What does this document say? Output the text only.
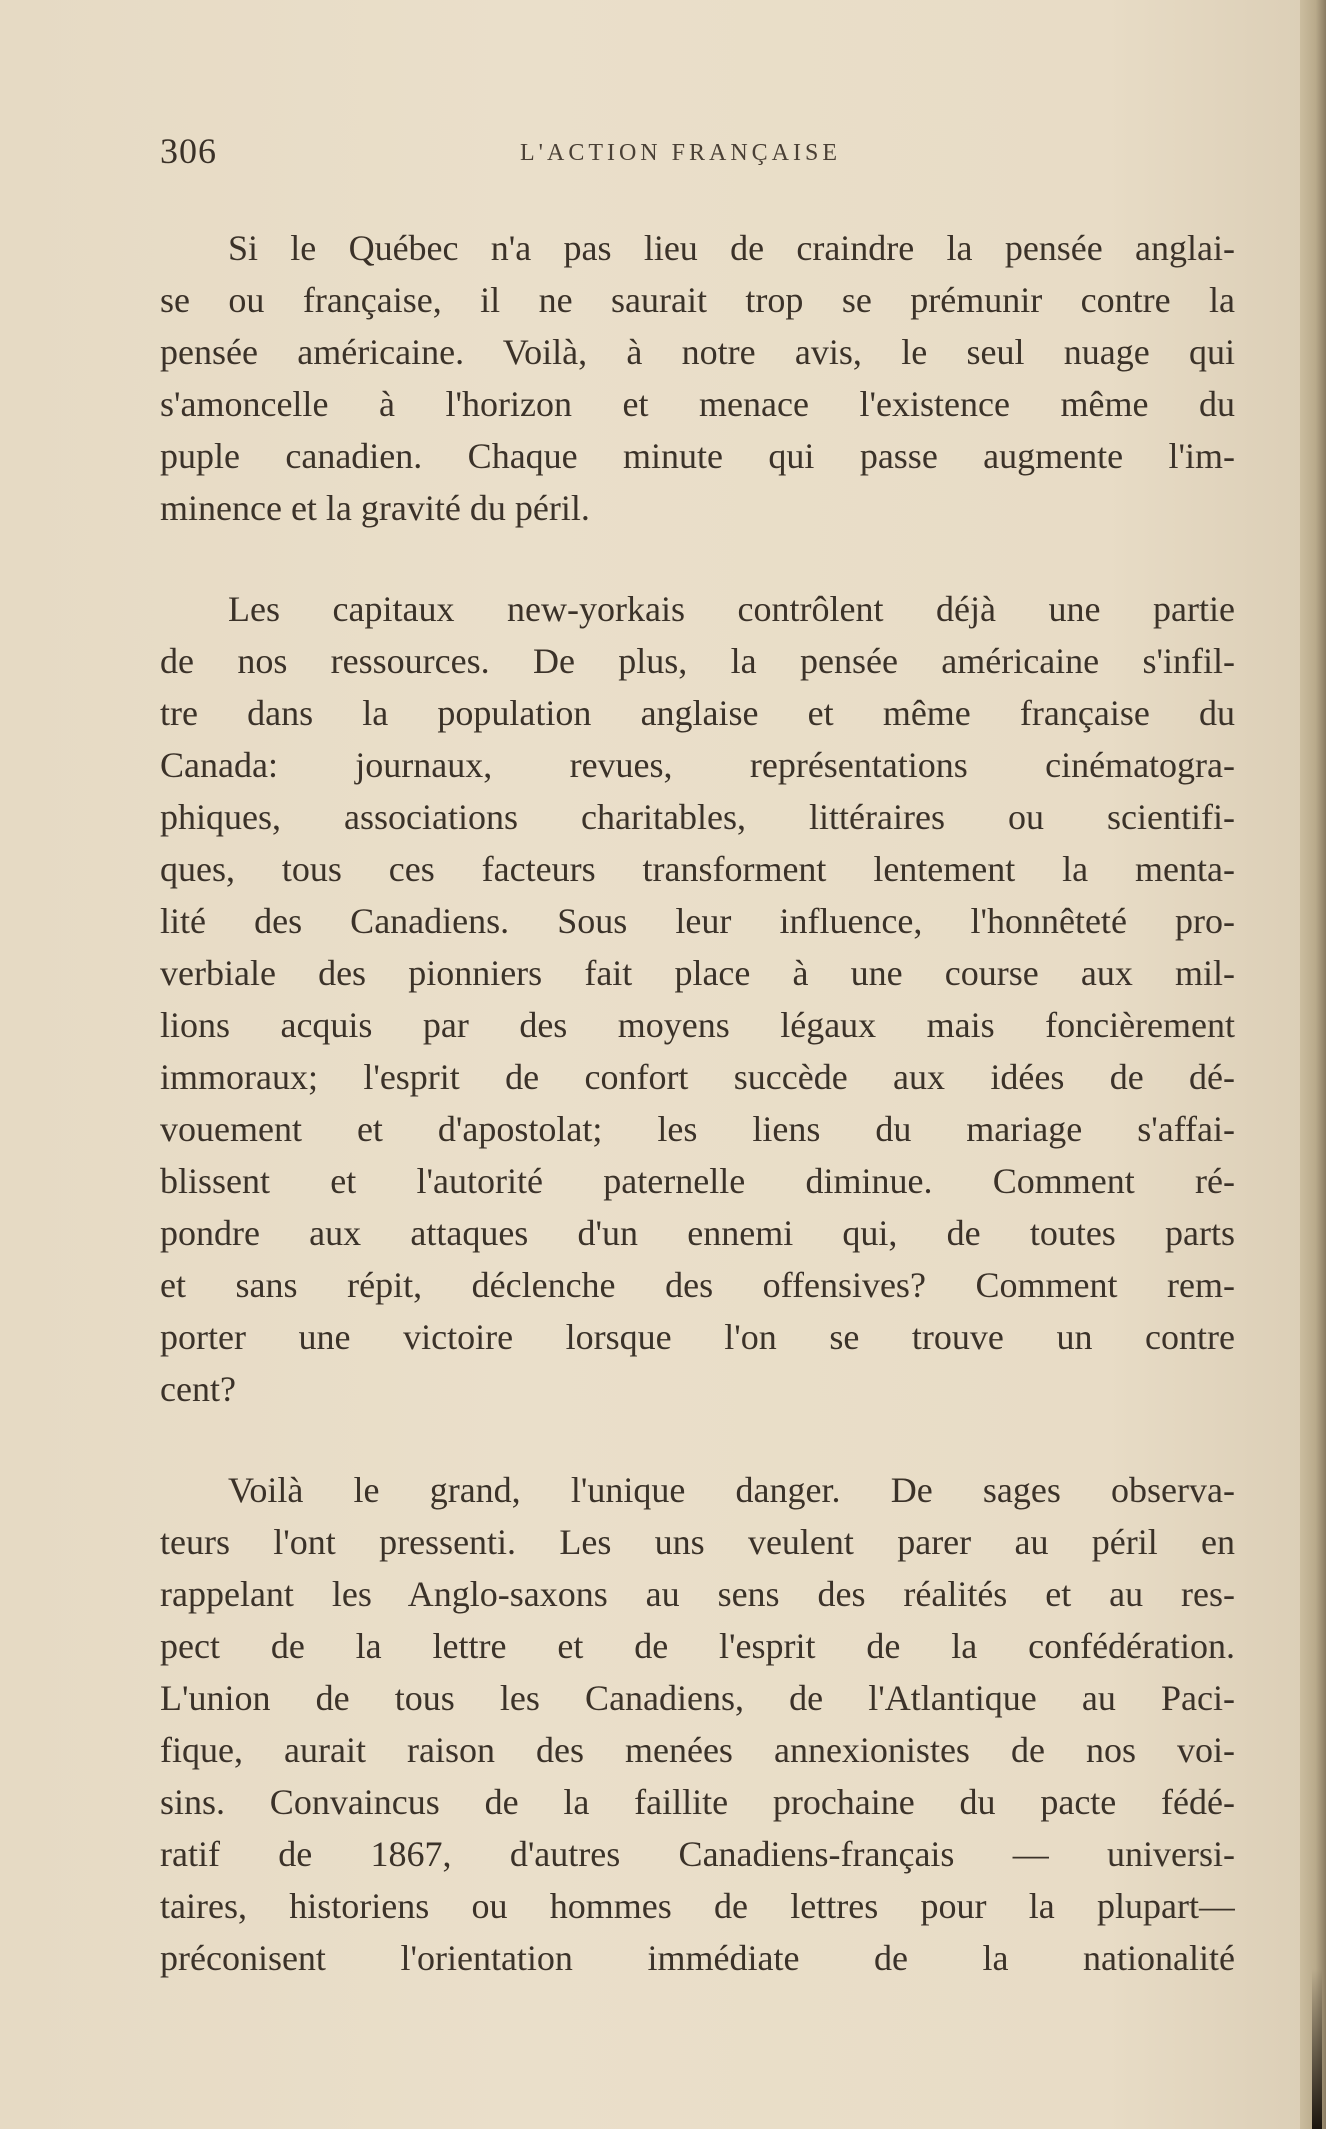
306	L'ACTION FRANÇAISE

Si le Québec n'a pas lieu de craindre la pensée anglai-
se ou française, il ne saurait trop se prémunir contre la
pensée américaine. Voilà, à notre avis, le seul nuage qui
s'amoncelle à l'horizon et menace l'existence même du
puple canadien. Chaque minute qui passe augmente l'im-
minence et la gravité du péril.

Les capitaux new-yorkais contrôlent déjà une partie
de nos ressources. De plus, la pensée américaine s'infil-
tre dans la population anglaise et même française du
Canada: journaux, revues, représentations cinématogra-
phiques, associations charitables, littéraires ou scientifi-
ques, tous ces facteurs transforment lentement la menta-
lité des Canadiens. Sous leur influence, l'honnêteté pro-
verbiale des pionniers fait place à une course aux mil-
lions acquis par des moyens légaux mais foncièrement
immoraux; l'esprit de confort succède aux idées de dé-
vouement et d'apostolat; les liens du mariage s'affai-
blissent et l'autorité paternelle diminue. Comment ré-
pondre aux attaques d'un ennemi qui, de toutes parts
et sans répit, déclenche des offensives? Comment rem-
porter une victoire lorsque l'on se trouve un contre
cent?

Voilà le grand, l'unique danger. De sages observa-
teurs l'ont pressenti. Les uns veulent parer au péril en
rappelant les Anglo-saxons au sens des réalités et au res-
pect de la lettre et de l'esprit de la confédération.
L'union de tous les Canadiens, de l'Atlantique au Paci-
fique, aurait raison des menées annexionistes de nos voi-
sins. Convaincus de la faillite prochaine du pacte fédé-
ratif de 1867, d'autres Canadiens-français — universi-
taires, historiens ou hommes de lettres pour la plupart—
préconisent l'orientation immédiate de la nationalité
